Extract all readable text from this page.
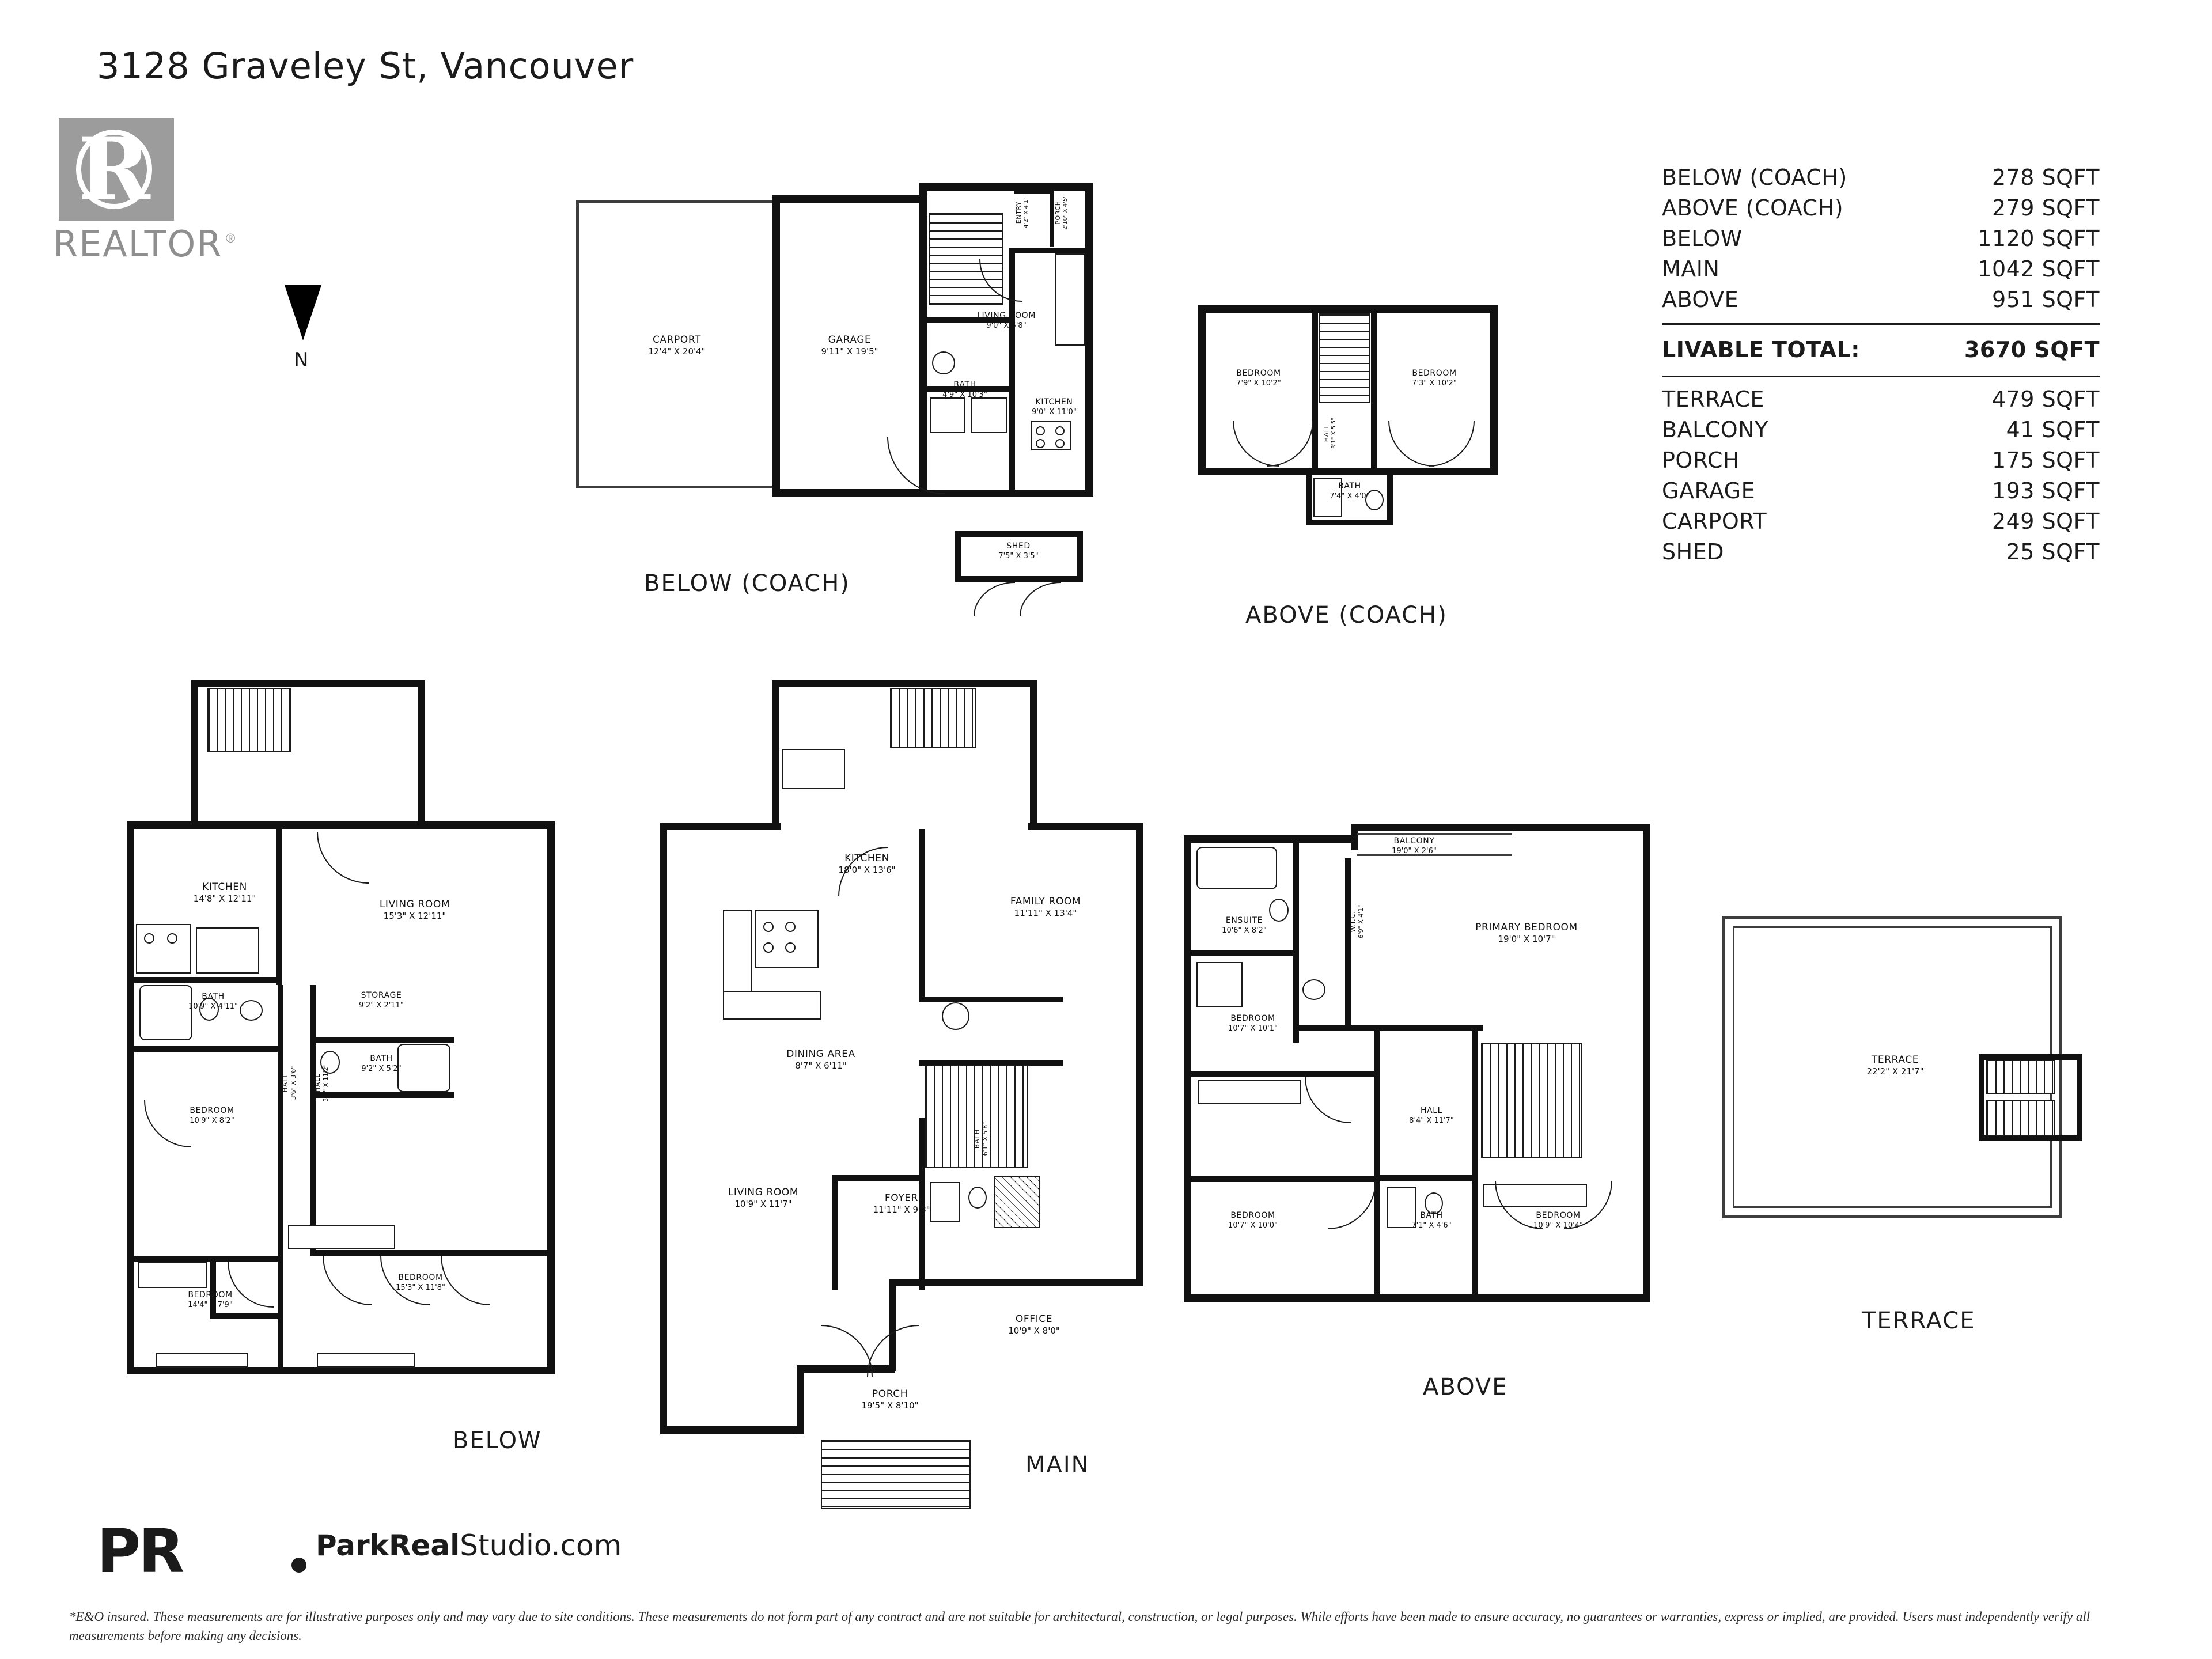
3128 Graveley St, Vancouver
R
REALTOR ®
N
BELOW (COACH)	278 SQFT
ABOVE (COACH)	279 SQFT
BELOW	1120 SQFT
MAIN	1042 SQFT
ABOVE	951 SQFT
LIVABLE TOTAL:	3670 SQFT
TERRACE	479 SQFT
BALCONY	41 SQFT
PORCH	175 SQFT
GARAGE	193 SQFT
CARPORT	249 SQFT
SHED	25 SQFT
CARPORT
12'4" X 20'4"
GARAGE
9'11" X 19'5"
LIVING ROOM
9'0" X 5'8"
KITCHEN
9'0" X 11'0"
BATH
4'9" X 10'3"
ENTRY 4'2" X 4'1"	PORCH 2'10" X 4'5"
SHED
7'5" X 3'5"
BELOW (COACH)
BEDROOM
7'9" X 10'2"
BEDROOM
7'3" X 10'2"
HALL 3'1" X 5'5"
BATH
7'4" X 4'0"
ABOVE (COACH)
KITCHEN
14'8" X 12'11"	LIVING ROOM
15'3" X 12'11"
BATH
10'9" X 4'11"
STORAGE
9'2" X 2'11"
BATH
9'2" X 5'2"
BEDROOM
10'9" X 8'2"
BEDROOM
14'4" X 7'9"
BEDROOM
15'3" X 11'8"
HALL 3'6" X 3'6" HALL 3'6" X 11'2"
BELOW
KITCHEN
18'0" X 13'6"
FAMILY ROOM
11'11" X 13'4"
DINING AREA
8'7" X 6'11"
LIVING ROOM
10'9" X 11'7"
FOYER
11'11" X 9'8"
BATH 6'1" X 5'8"
OFFICE
10'9" X 8'0"
PORCH
19'5" X 8'10"
MAIN
BALCONY
19'0" X 2'6"
ENSUITE
10'6" X 8'2"	PRIMARY BEDROOM
19'0" X 10'7"
W.I.C. 6'9" X 4'1"
BEDROOM
10'7" X 10'1"
HALL
8'4" X 11'7"
BEDROOM
10'7" X 10'0"
BATH
7'1" X 4'6"
BEDROOM
10'9" X 10'4"
ABOVE
TERRACE
22'2" X 21'7"
TERRACE
PR	ParkRealStudio.com
*E&O insured. These measurements are for illustrative purposes only and may vary due to site conditions. These measurements do not form part of any contract and are not suitable for architectural, construction, or legal purposes. While efforts have been made to ensure accuracy, no guarantees or warranties, express or implied, are provided. Users must independently verify all measurements before making any decisions.
